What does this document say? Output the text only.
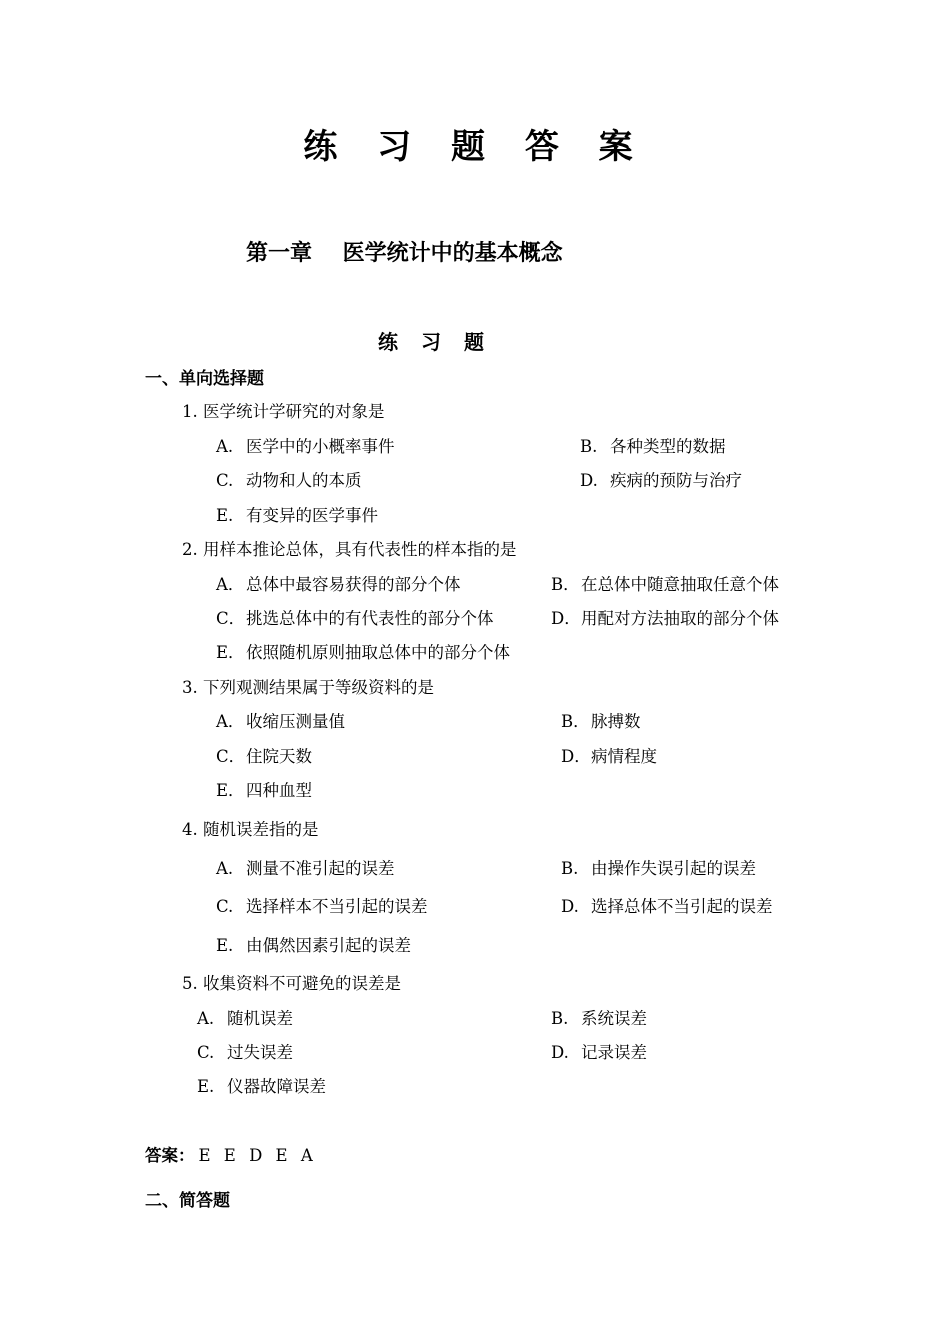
练 习 题 答 案
第一章    医学统计中的基本概念
练 习 题
一、单向选择题
1. 医学统计学研究的对象是
A. 医学中的小概率事件	B. 各种类型的数据
C. 动物和人的本质	D. 疾病的预防与治疗
E. 有变异的医学事件
2. 用样本推论总体，具有代表性的样本指的是
A．总体中最容易获得的部分个体	B．在总体中随意抽取任意个体
C．挑选总体中的有代表性的部分个体	D．用配对方法抽取的部分个体
E．依照随机原则抽取总体中的部分个体
3. 下列观测结果属于等级资料的是
A．收缩压测量值	B．脉搏数
C．住院天数	D．病情程度
E．四种血型
4. 随机误差指的是
A. 测量不准引起的误差	B. 由操作失误引起的误差
C. 选择样本不当引起的误差	D. 选择总体不当引起的误差
E. 由偶然因素引起的误差
5. 收集资料不可避免的误差是
A. 随机误差	B. 系统误差
C. 过失误差	D. 记录误差
E. 仪器故障误差
答案： E E D E A
二、简答题
